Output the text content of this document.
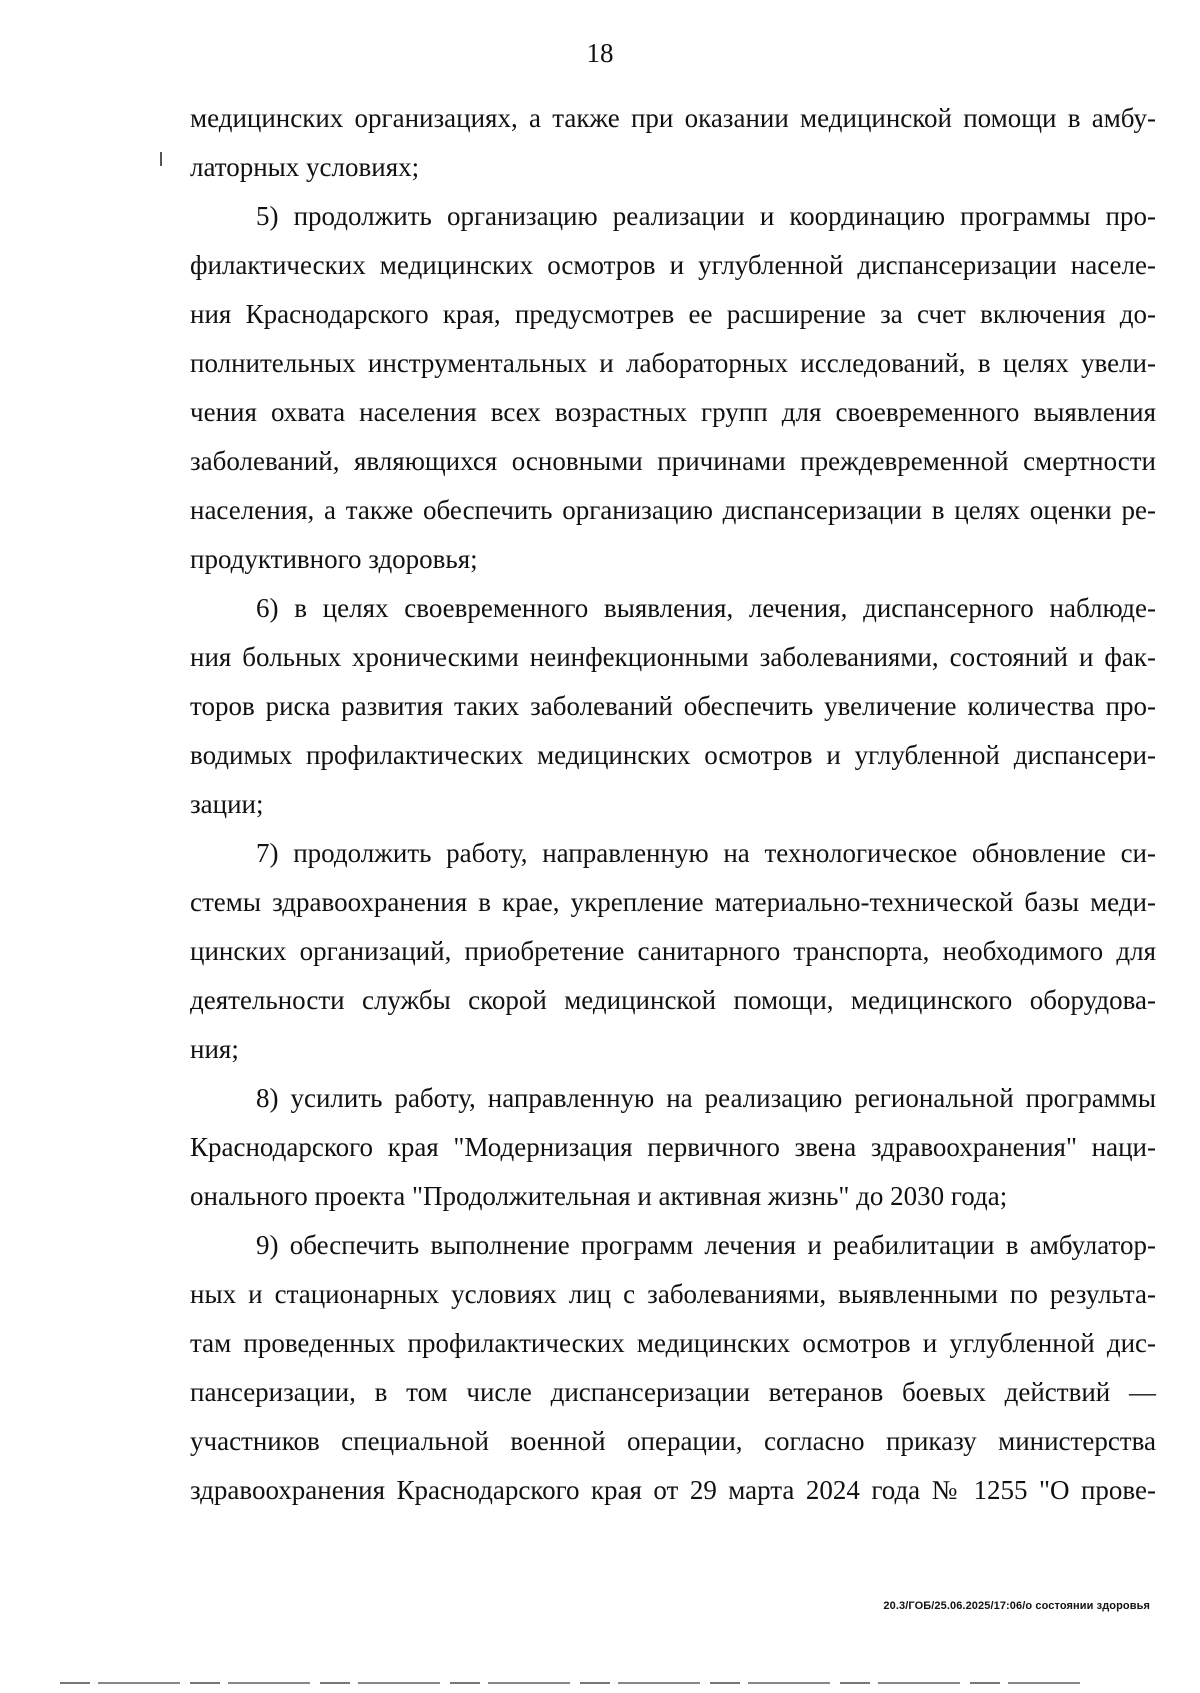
18
медицинских организациях, а также при оказании медицинской помощи в амбу-
латорных условиях;
5) продолжить организацию реализации и координацию программы про-
филактических медицинских осмотров и углубленной диспансеризации населе-
ния Краснодарского края, предусмотрев ее расширение за счет включения до-
полнительных инструментальных и лабораторных исследований, в целях увели-
чения охвата населения всех возрастных групп для своевременного выявления
заболеваний, являющихся основными причинами преждевременной смертности
населения, а также обеспечить организацию диспансеризации в целях оценки ре-
продуктивного здоровья;
6) в целях своевременного выявления, лечения, диспансерного наблюде-
ния больных хроническими неинфекционными заболеваниями, состояний и фак-
торов риска развития таких заболеваний обеспечить увеличение количества про-
водимых профилактических медицинских осмотров и углубленной диспансери-
зации;
7) продолжить работу, направленную на технологическое обновление си-
стемы здравоохранения в крае, укрепление материально-технической базы меди-
цинских организаций, приобретение санитарного транспорта, необходимого для
деятельности службы скорой медицинской помощи, медицинского оборудова-
ния;
8) усилить работу, направленную на реализацию региональной программы
Краснодарского края "Модернизация первичного звена здравоохранения" наци-
онального проекта "Продолжительная и активная жизнь" до 2030 года;
9) обеспечить выполнение программ лечения и реабилитации в амбулатор-
ных и стационарных условиях лиц с заболеваниями, выявленными по результа-
там проведенных профилактических медицинских осмотров и углубленной дис-
пансеризации, в том числе диспансеризации ветеранов боевых действий —
участников специальной военной операции, согласно приказу министерства
здравоохранения Краснодарского края от 29 марта 2024 года № 1255 "О прове-
20.3/ГОБ/25.06.2025/17:06/о состоянии здоровья
